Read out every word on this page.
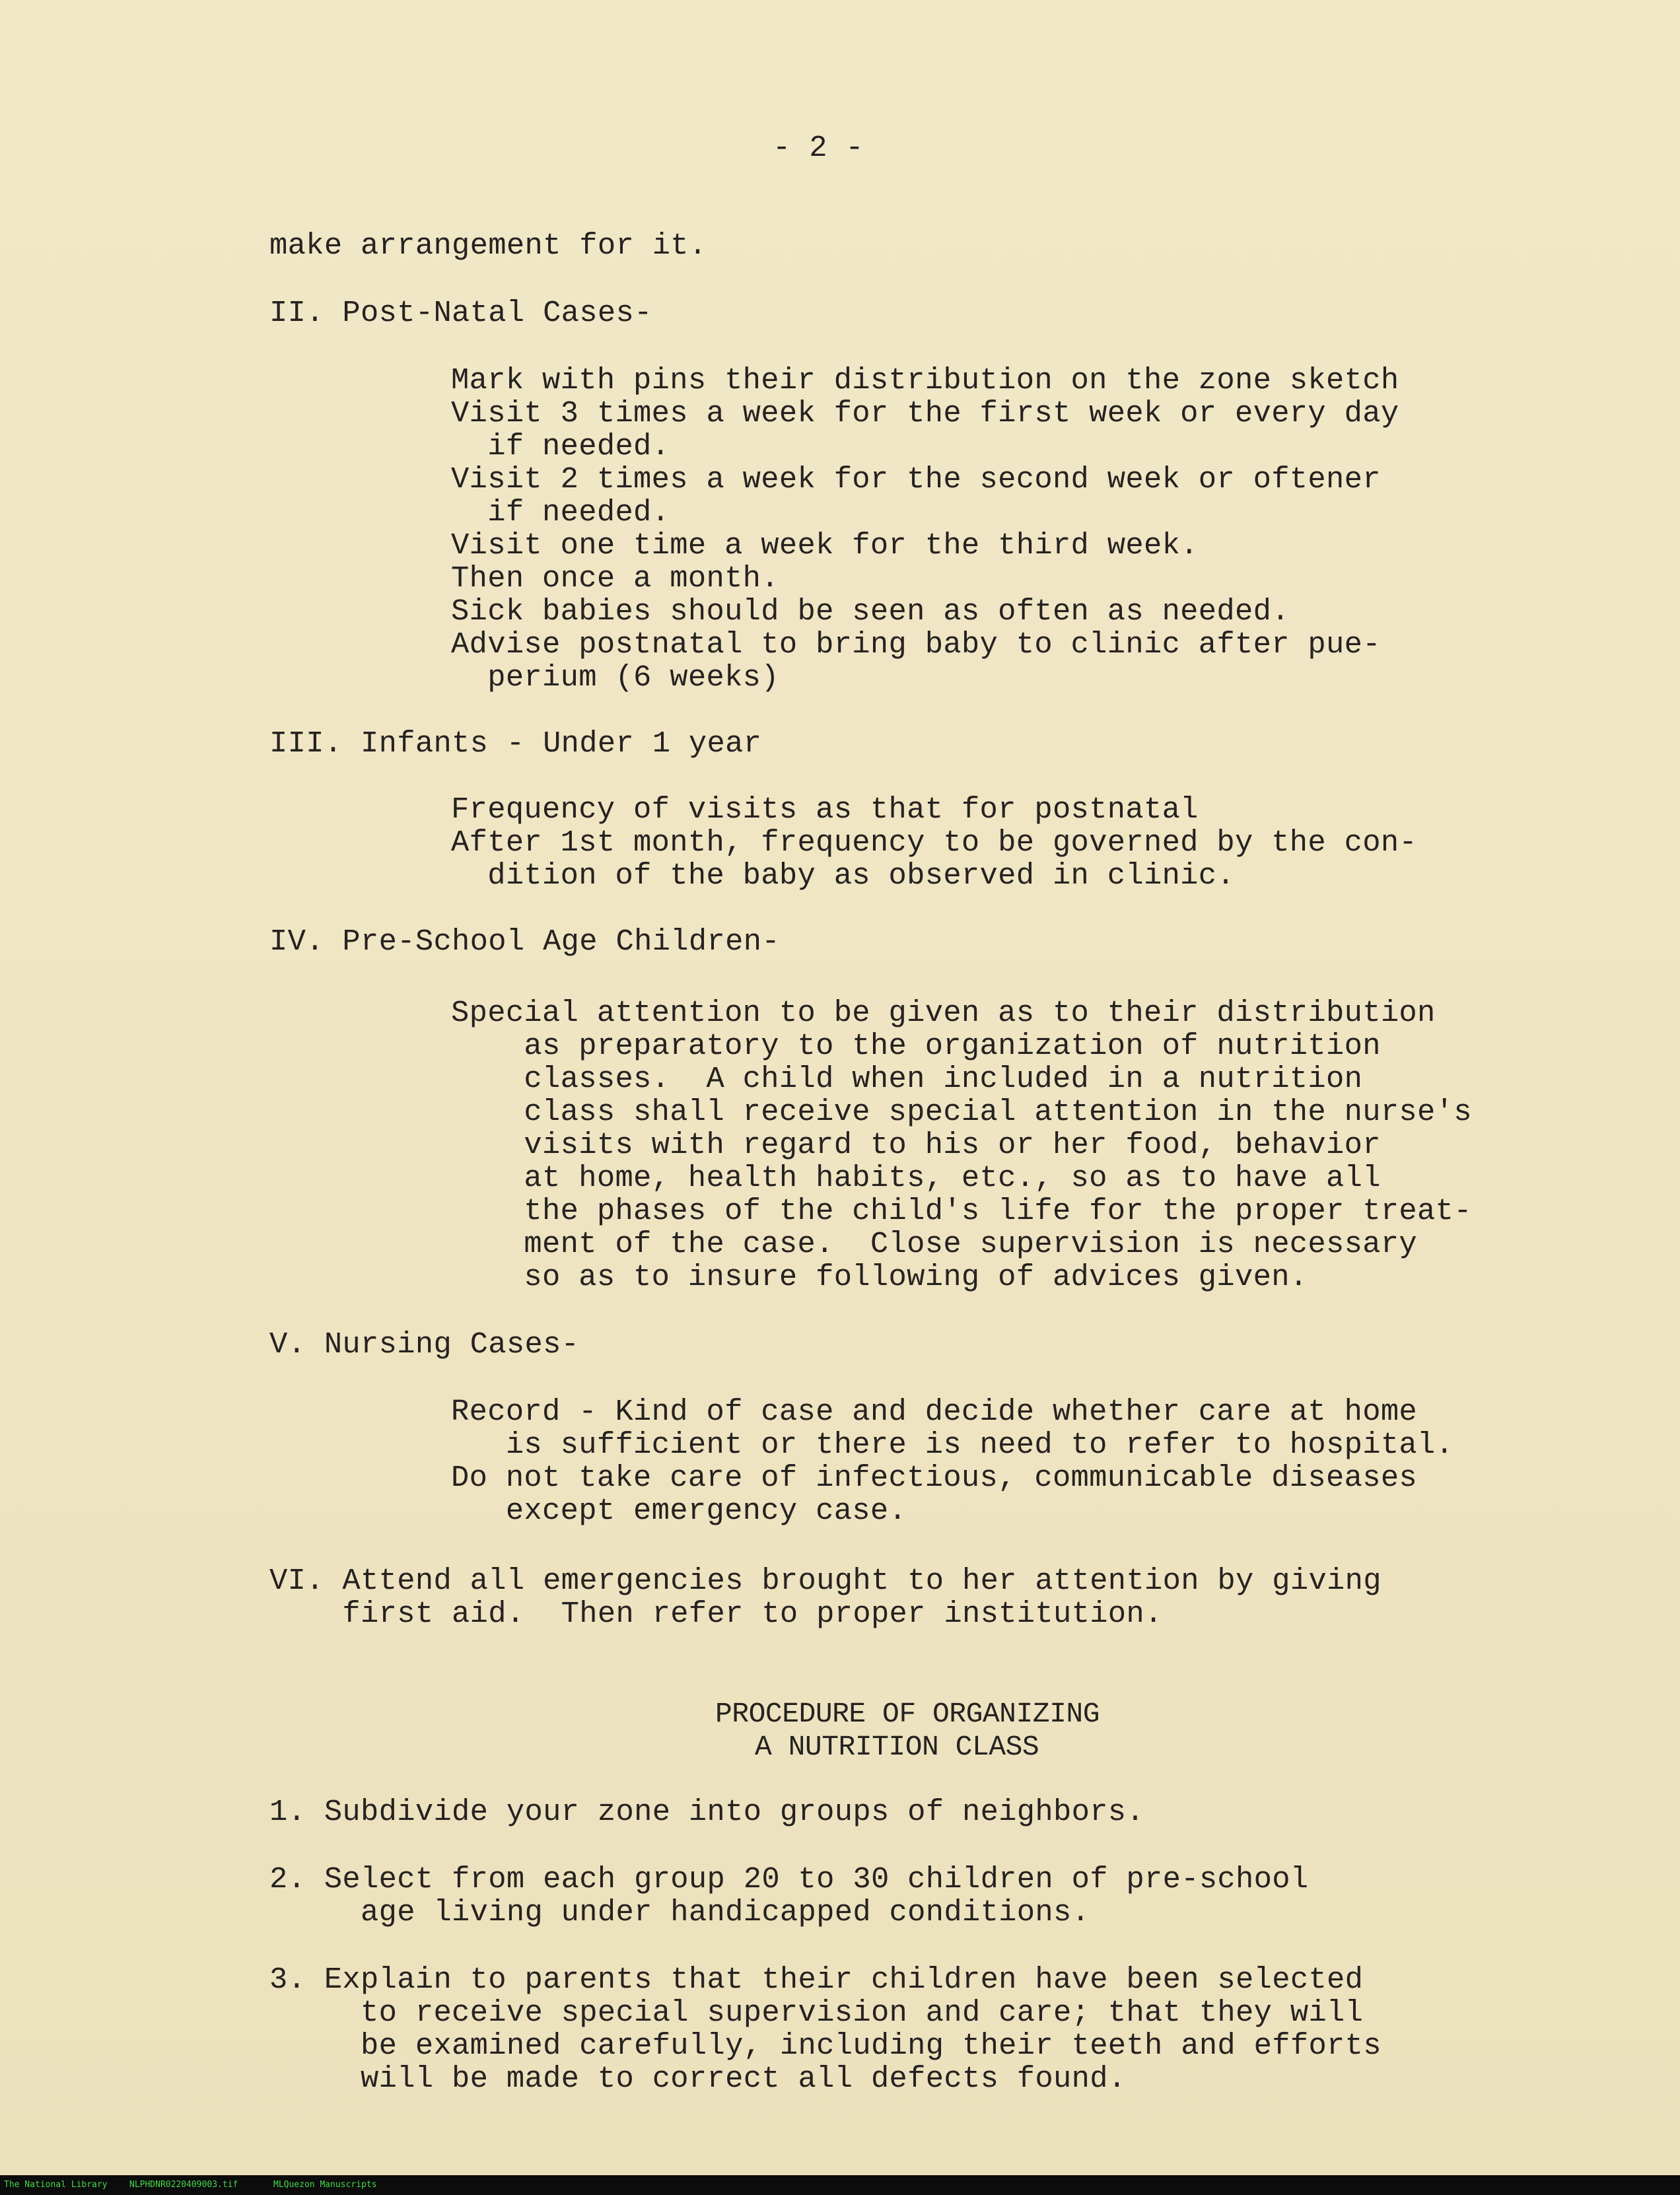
- 2 -
make arrangement for it.
II. Post-Natal Cases-
Mark with pins their distribution on the zone sketch
Visit 3 times a week for the first week or every day
if needed.
Visit 2 times a week for the second week or oftener
if needed.
Visit one time a week for the third week.
Then once a month.
Sick babies should be seen as often as needed.
Advise postnatal to bring baby to clinic after pue-
perium (6 weeks)
III. Infants - Under 1 year
Frequency of visits as that for postnatal
After 1st month, frequency to be governed by the con-
dition of the baby as observed in clinic.
IV. Pre-School Age Children-
Special attention to be given as to their distribution
as preparatory to the organization of nutrition
classes.  A child when included in a nutrition
class shall receive special attention in the nurse's
visits with regard to his or her food, behavior
at home, health habits, etc., so as to have all
the phases of the child's life for the proper treat-
ment of the case.  Close supervision is necessary
so as to insure following of advices given.
V. Nursing Cases-
Record - Kind of case and decide whether care at home
is sufficient or there is need to refer to hospital.
Do not take care of infectious, communicable diseases
except emergency case.
VI. Attend all emergencies brought to her attention by giving
first aid.  Then refer to proper institution.
PROCEDURE OF ORGANIZING
A NUTRITION CLASS
1. Subdivide your zone into groups of neighbors.
2. Select from each group 20 to 30 children of pre-school
age living under handicapped conditions.
3. Explain to parents that their children have been selected
to receive special supervision and care; that they will
be examined carefully, including their teeth and efforts
will be made to correct all defects found.
The National Library	NLPHDNR0220409003.tif	MLQuezon Manuscripts
